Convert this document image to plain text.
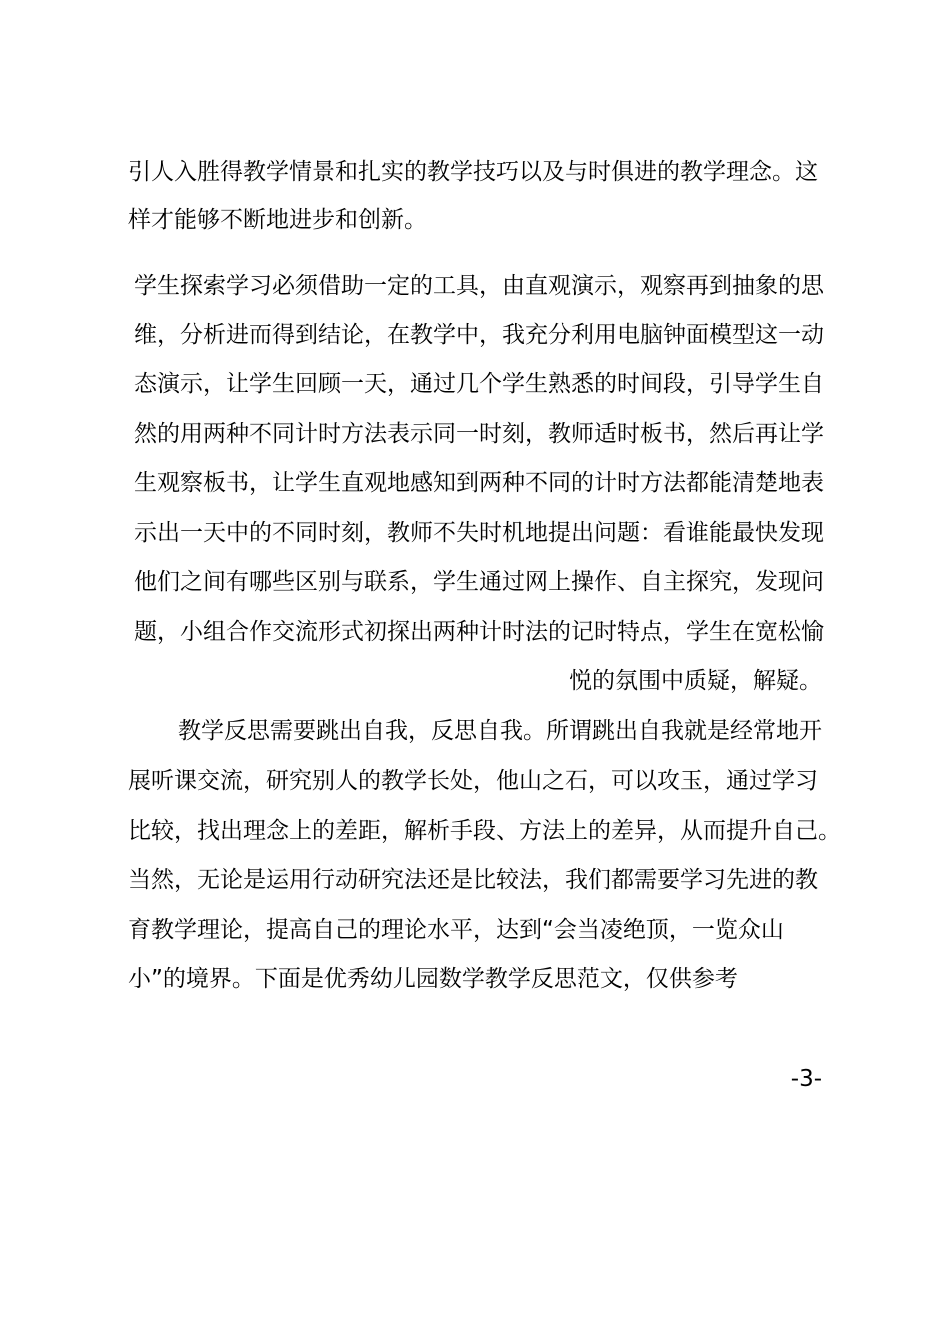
引人入胜得教学情景和扎实的教学技巧以及与时俱进的教学理念。这

样才能够不断地进步和创新。

学生探索学习必须借助一定的工具，由直观演示，观察再到抽象的思

维，分析进而得到结论，在教学中，我充分利用电脑钟面模型这一动

态演示，让学生回顾一天，通过几个学生熟悉的时间段，引导学生自

然的用两种不同计时方法表示同一时刻，教师适时板书，然后再让学

生观察板书，让学生直观地感知到两种不同的计时方法都能清楚地表

示出一天中的不同时刻，教师不失时机地提出问题：看谁能最快发现

他们之间有哪些区别与联系，学生通过网上操作、自主探究，发现问

题，小组合作交流形式初探出两种计时法的记时特点，学生在宽松愉

悦的氛围中质疑，解疑。

教学反思需要跳出自我，反思自我。所谓跳出自我就是经常地开

展听课交流，研究别人的教学长处，他山之石，可以攻玉，通过学习

比较，找出理念上的差距，解析手段、方法上的差异，从而提升自己。

当然，无论是运用行动研究法还是比较法，我们都需要学习先进的教

育教学理论，提高自己的理论水平，达到“会当凌绝顶，一览众山

小”的境界。下面是优秀幼儿园数学教学反思范文，仅供参考

-3-
